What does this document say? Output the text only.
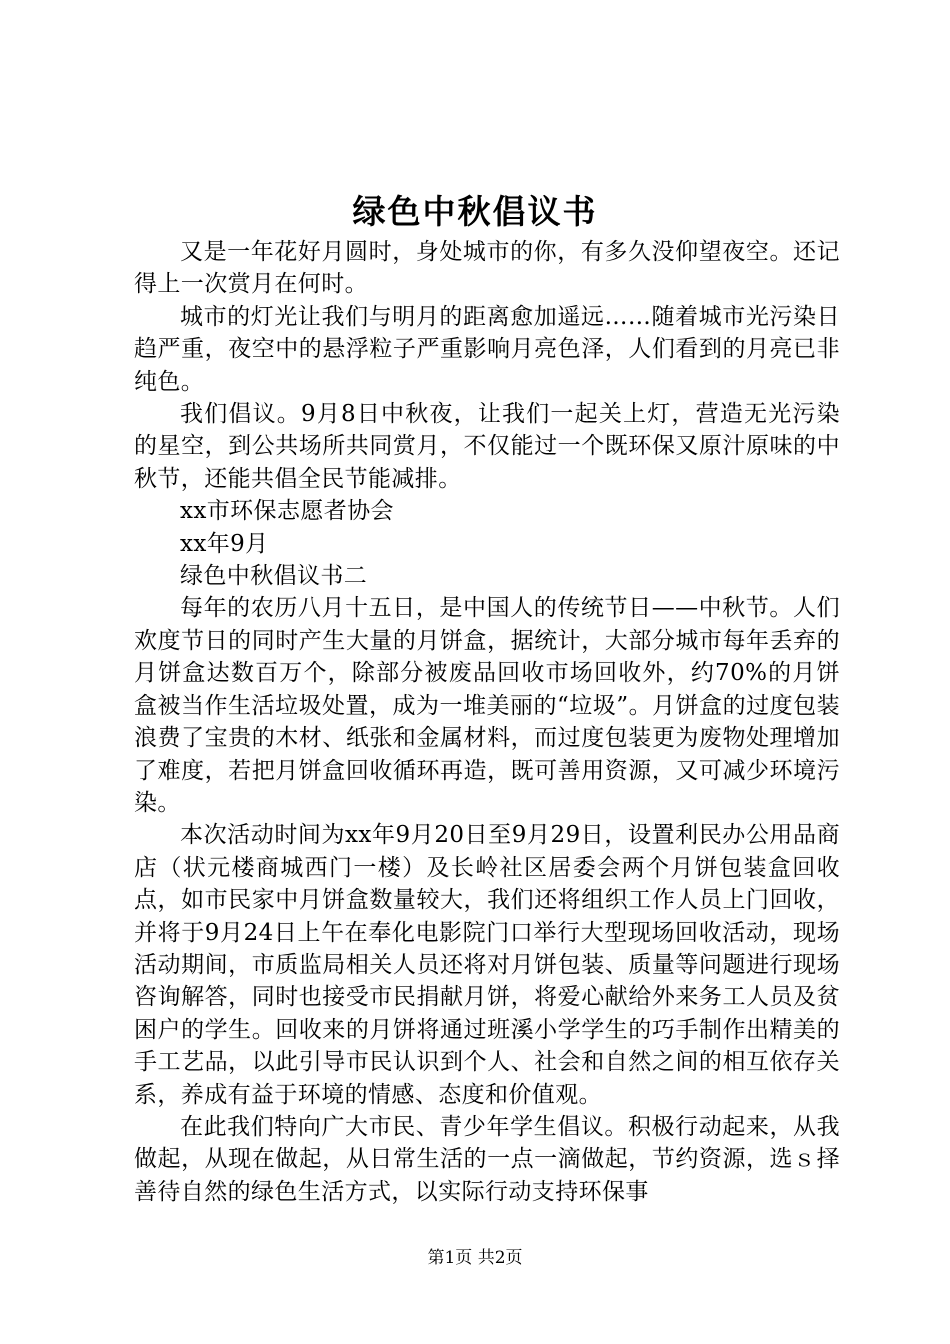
绿色中秋倡议书

又是一年花好月圆时，身处城市的你，有多久没仰望夜空。还记得上一次赏月在何时。

城市的灯光让我们与明月的距离愈加遥远……随着城市光污染日趋严重，夜空中的悬浮粒子严重影响月亮色泽，人们看到的月亮已非纯色。

我们倡议。9月8日中秋夜，让我们一起关上灯，营造无光污染的星空，到公共场所共同赏月，不仅能过一个既环保又原汁原味的中秋节，还能共倡全民节能减排。

xx市环保志愿者协会

xx年9月

绿色中秋倡议书二

每年的农历八月十五日，是中国人的传统节日——中秋节。人们欢度节日的同时产生大量的月饼盒，据统计，大部分城市每年丢弃的月饼盒达数百万个，除部分被废品回收市场回收外，约70%的月饼盒被当作生活垃圾处置，成为一堆美丽的“垃圾”。月饼盒的过度包装浪费了宝贵的木材、纸张和金属材料，而过度包装更为废物处理增加了难度，若把月饼盒回收循环再造，既可善用资源，又可减少环境污染。

本次活动时间为xx年9月20日至9月29日，设置利民办公用品商店（状元楼商城西门一楼）及长岭社区居委会两个月饼包装盒回收点，如市民家中月饼盒数量较大，我们还将组织工作人员上门回收，并将于9月24日上午在奉化电影院门口举行大型现场回收活动，现场活动期间，市质监局相关人员还将对月饼包装、质量等问题进行现场咨询解答，同时也接受市民捐献月饼，将爱心献给外来务工人员及贫困户的学生。回收来的月饼将通过班溪小学学生的巧手制作出精美的手工艺品，以此引导市民认识到个人、社会和自然之间的相互依存关系，养成有益于环境的情感、态度和价值观。

在此我们特向广大市民、青少年学生倡议。积极行动起来，从我做起，从现在做起，从日常生活的一点一滴做起，节约资源，选ｓ择善待自然的绿色生活方式，以实际行动支持环保事

第1页 共2页
